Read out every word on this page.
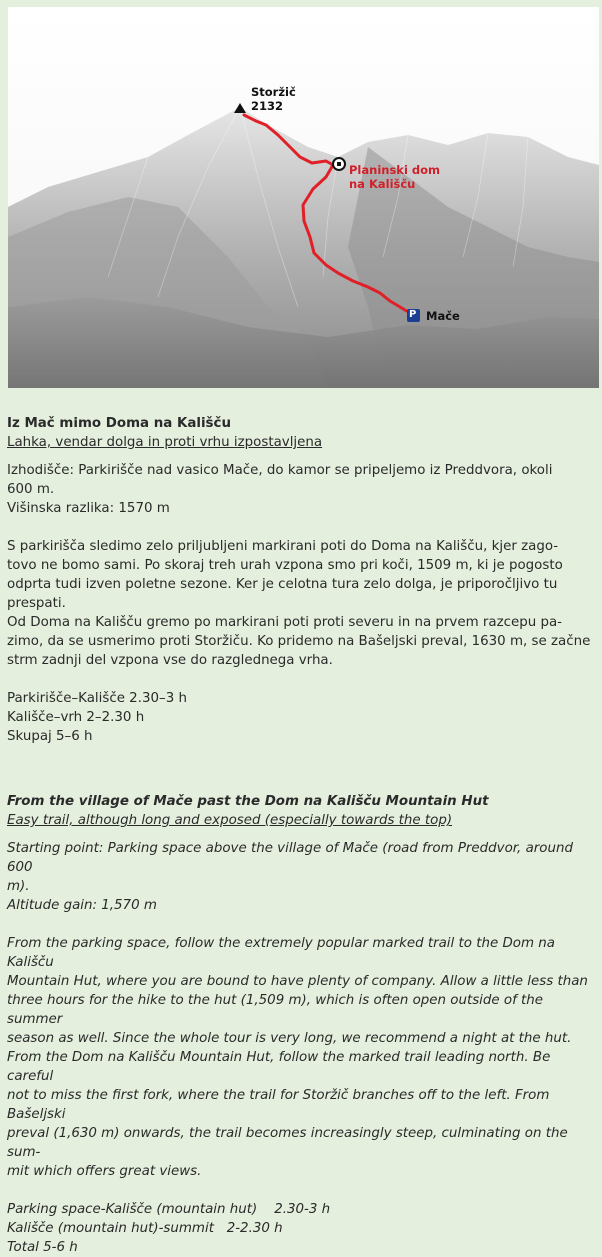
Storžič
2132
Planinski dom
na Kališču
P Mače

Iz Mač mimo Doma na Kališču

Lahka, vendar dolga in proti vrhu izpostavljena

Izhodišče: Parkirišče nad vasico Mače, do kamor se pripeljemo iz Preddvora, okoli

600 m.

Višinska razlika: 1570 m

S parkirišča sledimo zelo priljubljeni markirani poti do Doma na Kališču, kjer zago-

tovo ne bomo sami. Po skoraj treh urah vzpona smo pri koči, 1509 m, ki je pogosto

odprta tudi izven poletne sezone. Ker je celotna tura zelo dolga, je priporočljivo tu

prespati.

Od Doma na Kališču gremo po markirani poti proti severu in na prvem razcepu pa-

zimo, da se usmerimo proti Storžiču. Ko pridemo na Bašeljski preval, 1630 m, se začne

strm zadnji del vzpona vse do razglednega vrha.

Parkirišče–Kališče 2.30–3 h

Kališče–vrh 2–2.30 h

Skupaj 5–6 h

From the village of Mače past the Dom na Kališču Mountain Hut

Easy trail, although long and exposed (especially towards the top)

Starting point: Parking space above the village of Mače (road from Preddvor, around 600

m).

Altitude gain: 1,570 m

From the parking space, follow the extremely popular marked trail to the Dom na Kališču

Mountain Hut, where you are bound to have plenty of company. Allow a little less than

three hours for the hike to the hut (1,509 m), which is often open outside of the summer

season as well. Since the whole tour is very long, we recommend a night at the hut.

From the Dom na Kališču Mountain Hut, follow the marked trail leading north. Be careful

not to miss the first fork, where the trail for Storžič branches off to the left. From Bašeljski

preval (1,630 m) onwards, the trail becomes increasingly steep, culminating on the sum-

mit which offers great views.

Parking space-Kališče (mountain hut)    2.30-3 h

Kališče (mountain hut)-summit   2-2.30 h

Total 5-6 h
